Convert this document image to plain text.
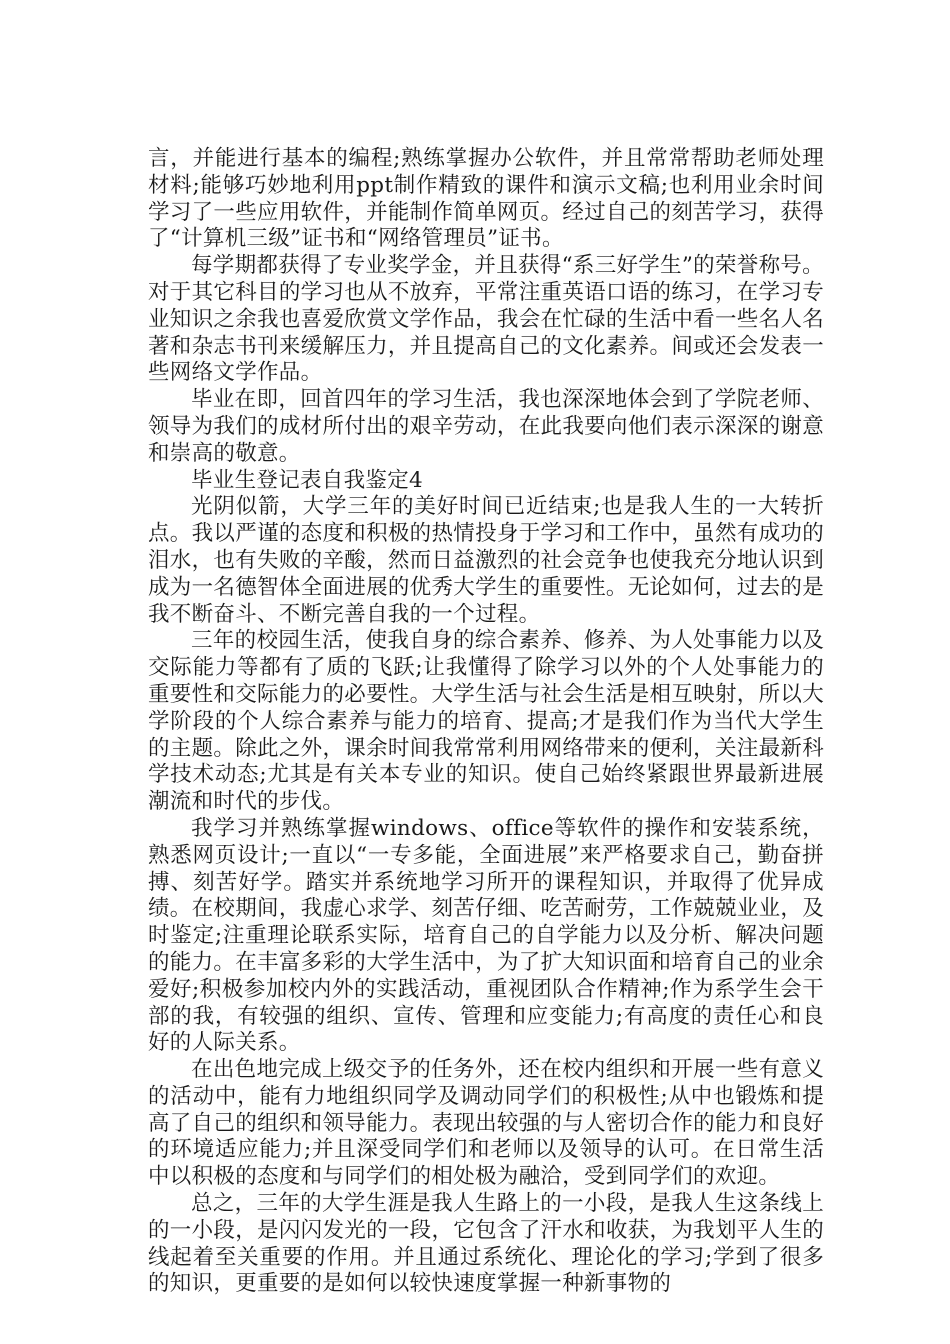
言，并能进行基本的编程;熟练掌握办公软件，并且常常帮助老师处理材料;能够巧妙地利用ppt制作精致的课件和演示文稿;也利用业余时间学习了一些应用软件，并能制作简单网页。经过自己的刻苦学习，获得了“计算机三级”证书和“网络管理员”证书。

每学期都获得了专业奖学金，并且获得“系三好学生”的荣誉称号。对于其它科目的学习也从不放弃，平常注重英语口语的练习，在学习专业知识之余我也喜爱欣赏文学作品，我会在忙碌的生活中看一些名人名著和杂志书刊来缓解压力，并且提高自己的文化素养。间或还会发表一些网络文学作品。

毕业在即，回首四年的学习生活，我也深深地体会到了学院老师、领导为我们的成材所付出的艰辛劳动，在此我要向他们表示深深的谢意和崇高的敬意。

毕业生登记表自我鉴定4

光阴似箭，大学三年的美好时间已近结束;也是我人生的一大转折点。我以严谨的态度和积极的热情投身于学习和工作中，虽然有成功的泪水，也有失败的辛酸，然而日益激烈的社会竞争也使我充分地认识到成为一名德智体全面进展的优秀大学生的重要性。无论如何，过去的是我不断奋斗、不断完善自我的一个过程。

三年的校园生活，使我自身的综合素养、修养、为人处事能力以及交际能力等都有了质的飞跃;让我懂得了除学习以外的个人处事能力的重要性和交际能力的必要性。大学生活与社会生活是相互映射，所以大学阶段的个人综合素养与能力的培育、提高;才是我们作为当代大学生的主题。除此之外，课余时间我常常利用网络带来的便利，关注最新科学技术动态;尤其是有关本专业的知识。使自己始终紧跟世界最新进展潮流和时代的步伐。

我学习并熟练掌握windows、office等软件的操作和安装系统，熟悉网页设计;一直以“一专多能，全面进展”来严格要求自己，勤奋拼搏、刻苦好学。踏实并系统地学习所开的课程知识，并取得了优异成绩。在校期间，我虚心求学、刻苦仔细、吃苦耐劳，工作兢兢业业，及时鉴定;注重理论联系实际，培育自己的自学能力以及分析、解决问题的能力。在丰富多彩的大学生活中，为了扩大知识面和培育自己的业余爱好;积极参加校内外的实践活动，重视团队合作精神;作为系学生会干部的我，有较强的组织、宣传、管理和应变能力;有高度的责任心和良好的人际关系。

在出色地完成上级交予的任务外，还在校内组织和开展一些有意义的活动中，能有力地组织同学及调动同学们的积极性;从中也锻炼和提高了自己的组织和领导能力。表现出较强的与人密切合作的能力和良好的环境适应能力;并且深受同学们和老师以及领导的认可。在日常生活中以积极的态度和与同学们的相处极为融洽，受到同学们的欢迎。

总之，三年的大学生涯是我人生路上的一小段，是我人生这条线上的一小段，是闪闪发光的一段，它包含了汗水和收获，为我划平人生的线起着至关重要的作用。并且通过系统化、理论化的学习;学到了很多的知识，更重要的是如何以较快速度掌握一种新事物的
